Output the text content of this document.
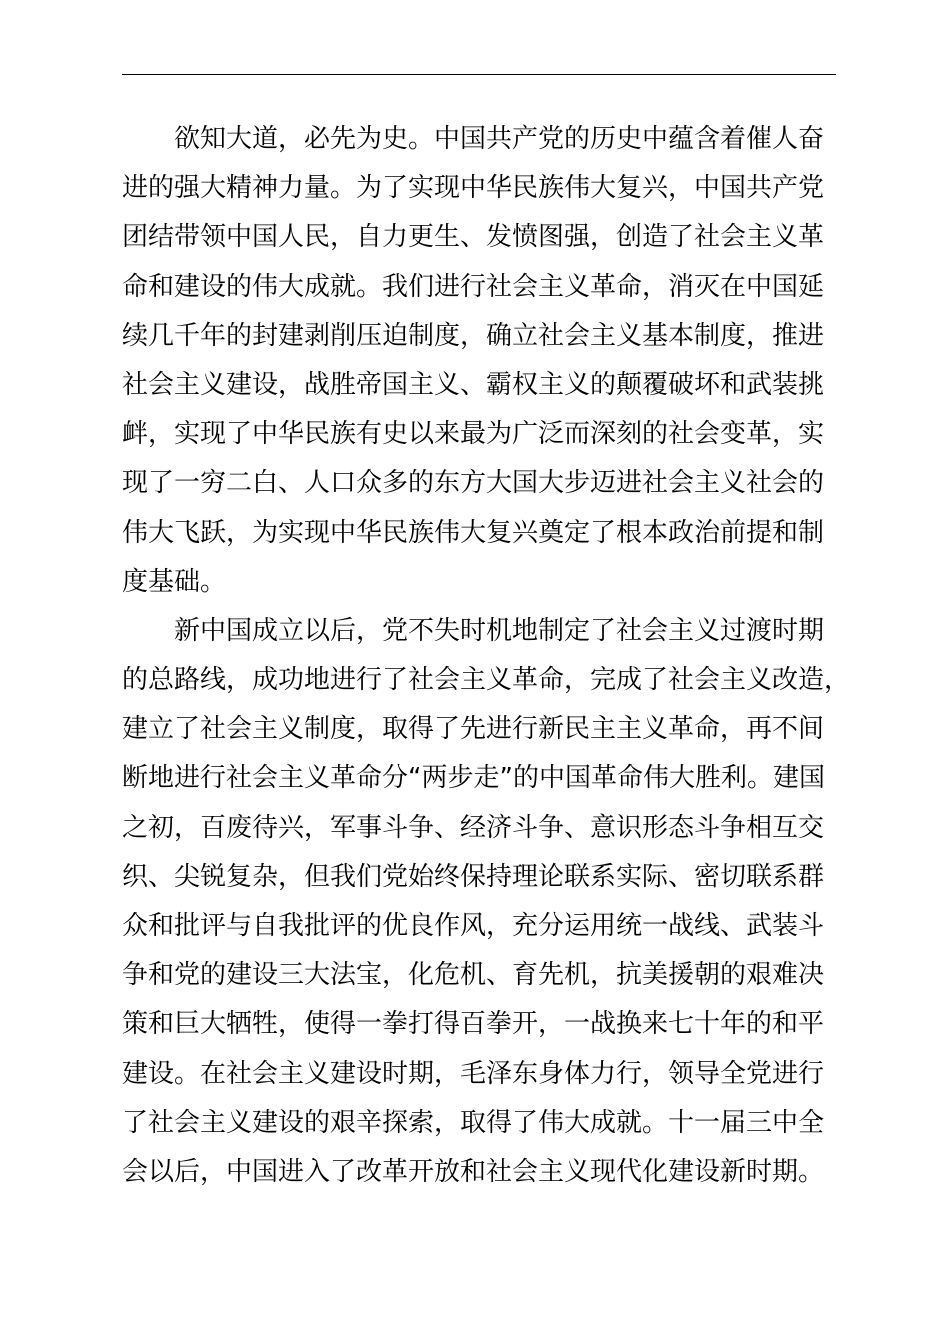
欲知大道，必先为史。中国共产党的历史中蕴含着催人奋
进的强大精神力量。为了实现中华民族伟大复兴，中国共产党
团结带领中国人民，自力更生、发愤图强，创造了社会主义革
命和建设的伟大成就。我们进行社会主义革命，消灭在中国延
续几千年的封建剥削压迫制度，确立社会主义基本制度，推进
社会主义建设，战胜帝国主义、霸权主义的颠覆破坏和武装挑
衅，实现了中华民族有史以来最为广泛而深刻的社会变革，实
现了一穷二白、人口众多的东方大国大步迈进社会主义社会的
伟大飞跃，为实现中华民族伟大复兴奠定了根本政治前提和制
度基础。
新中国成立以后，党不失时机地制定了社会主义过渡时期
的总路线，成功地进行了社会主义革命，完成了社会主义改造，
建立了社会主义制度，取得了先进行新民主主义革命，再不间
断地进行社会主义革命分“两步走”的中国革命伟大胜利。建国
之初，百废待兴，军事斗争、经济斗争、意识形态斗争相互交
织、尖锐复杂，但我们党始终保持理论联系实际、密切联系群
众和批评与自我批评的优良作风，充分运用统一战线、武装斗
争和党的建设三大法宝，化危机、育先机，抗美援朝的艰难决
策和巨大牺牲，使得一拳打得百拳开，一战换来七十年的和平
建设。在社会主义建设时期，毛泽东身体力行，领导全党进行
了社会主义建设的艰辛探索，取得了伟大成就。十一届三中全
会以后，中国进入了改革开放和社会主义现代化建设新时期。
